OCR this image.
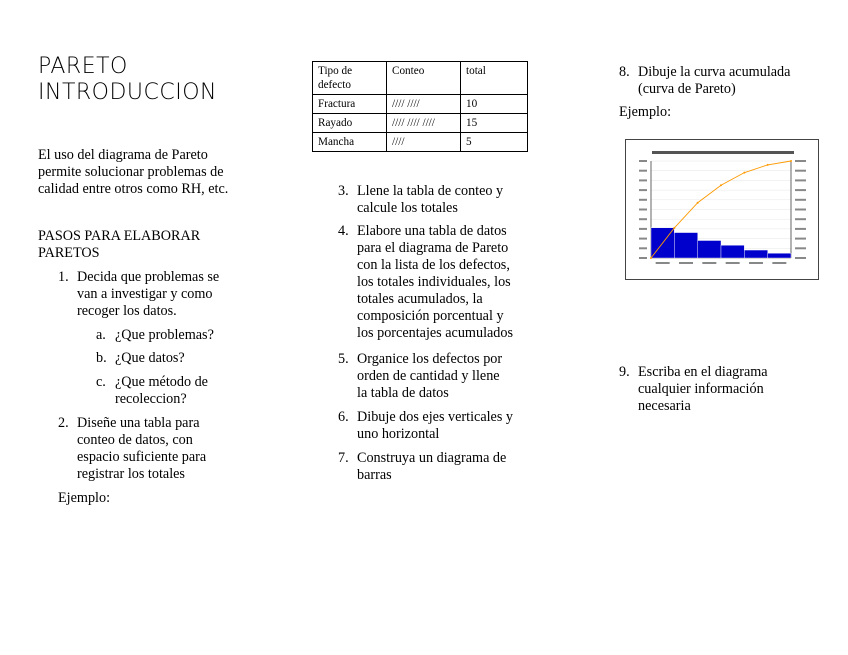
PARETO
INTRODUCCION
El uso del diagrama de Pareto
permite solucionar problemas de
calidad entre otros como RH, etc.
PASOS PARA ELABORAR
PARETOS
1. Decida que problemas se
van a investigar y como
recoger los datos.
a. ¿Que problemas?
b. ¿Que datos?
c. ¿Que método de
recoleccion?
2. Diseñe una tabla para
conteo de datos, con
espacio suficiente para
registrar los totales
Ejemplo:
Tipo de defecto	Conteo	total
Fractura	//// ////	10
Rayado	//// //// ////	15
Mancha	////	5
3. Llene la tabla de conteo y
calcule los totales
4. Elabore una tabla de datos
para el diagrama de Pareto
con la lista de los defectos,
los totales individuales, los
totales acumulados, la
composición porcentual y
los porcentajes acumulados
5. Organice los defectos por
orden de cantidad y llene
la tabla de datos
6. Dibuje dos ejes verticales y
uno horizontal
7. Construya un diagrama de
barras
8. Dibuje la curva acumulada
(curva de Pareto)
Ejemplo:
9. Escriba en el diagrama
cualquier información
necesaria
